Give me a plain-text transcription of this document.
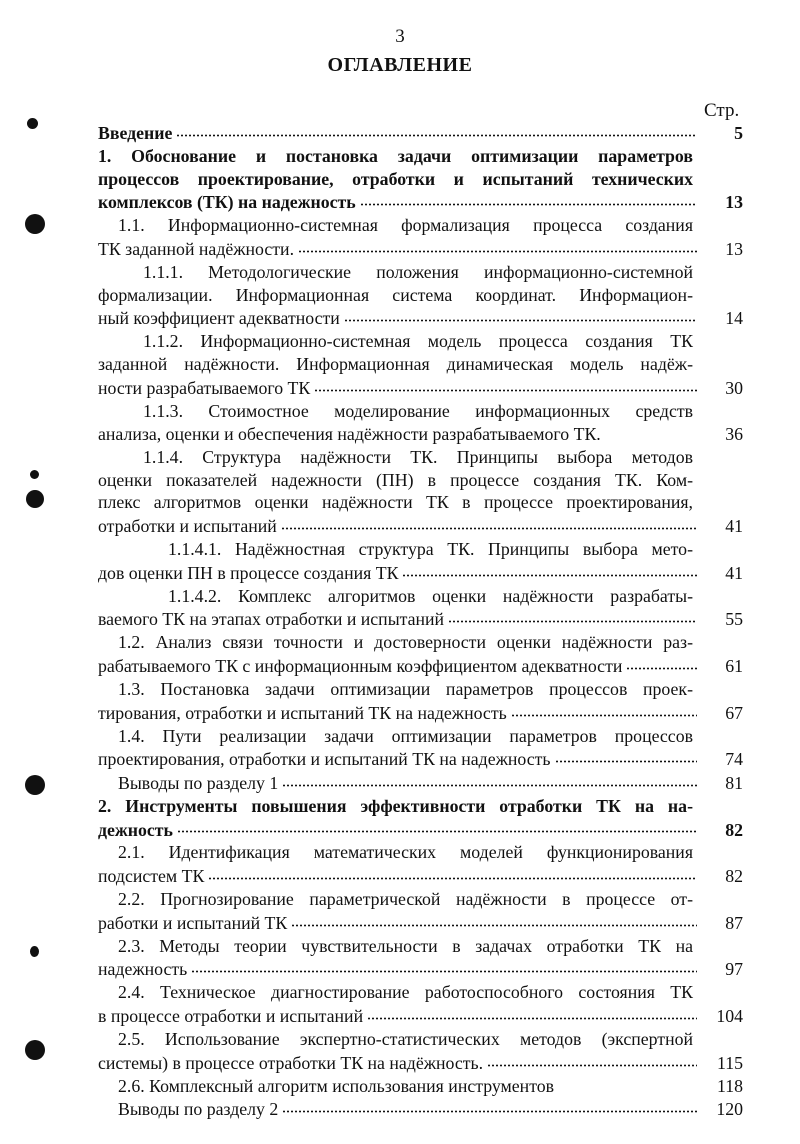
3
ОГЛАВЛЕНИЕ
Стр.
Введение	5
1. Обоснование и постановка задачи оптимизации параметров
процессов проектирование, отработки и испытаний технических
комплексов (ТК) на надежность	13
1.1. Информационно-системная формализация процесса создания
ТК заданной надёжности.	13
1.1.1. Методологические положения информационно-системной
формализации. Информационная система координат. Информацион-
ный коэффициент адекватности	14
1.1.2. Информационно-системная модель процесса создания ТК
заданной надёжности. Информационная динамическая модель надёж-
ности разрабатываемого ТК	30
1.1.3. Стоимостное моделирование информационных средств
анализа, оценки и обеспечения надёжности разрабатываемого ТК.	36
1.1.4. Структура надёжности ТК. Принципы выбора методов
оценки показателей надежности (ПН) в процессе создания ТК. Ком-
плекс алгоритмов оценки надёжности ТК в процессе проектирования,
отработки и испытаний	41
1.1.4.1. Надёжностная структура ТК. Принципы выбора мето-
дов оценки ПН в процессе создания ТК	41
1.1.4.2. Комплекс алгоритмов оценки надёжности разрабаты-
ваемого ТК на этапах отработки и испытаний	55
1.2. Анализ связи точности и достоверности оценки надёжности раз-
рабатываемого ТК с информационным коэффициентом адекватности	61
1.3. Постановка задачи оптимизации параметров процессов проек-
тирования, отработки и испытаний ТК на надежность	67
1.4. Пути реализации задачи оптимизации параметров процессов
проектирования, отработки и испытаний ТК на надежность	74
Выводы по разделу 1	81
2. Инструменты повышения эффективности отработки ТК на на-
дежность	82
2.1. Идентификация математических моделей функционирования
подсистем ТК	82
2.2. Прогнозирование параметрической надёжности в процессе от-
работки и испытаний ТК	87
2.3. Методы теории чувствительности в задачах отработки ТК на
надежность	97
2.4. Техническое диагностирование работоспособного состояния ТК
в процессе отработки и испытаний	104
2.5. Использование экспертно-статистических методов (экспертной
системы) в процессе отработки ТК на надёжность.	115
2.6. Комплексный алгоритм использования инструментов	118
Выводы по разделу 2	120
